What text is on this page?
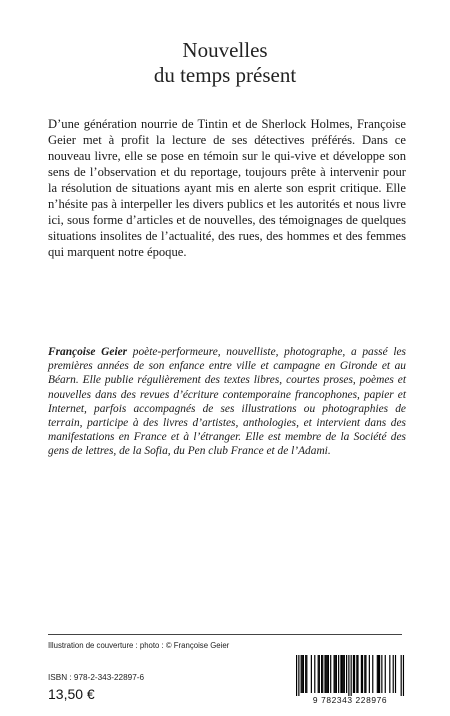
Nouvelles
du temps présent
D’une génération nourrie de Tintin et de Sherlock Holmes, Françoise Geier met à profit la lecture de ses détectives préférés. Dans ce nouveau livre, elle se pose en témoin sur le qui-vive et développe son sens de l’observation et du reportage, toujours prête à intervenir pour la résolution de situations ayant mis en alerte son esprit critique. Elle n’hésite pas à interpeller les divers publics et les autorités et nous livre ici, sous forme d’articles et de nouvelles, des témoignages de quelques situations insolites de l’actualité, des rues, des hommes et des femmes qui marquent notre époque.
Françoise Geier poète-performeure, nouvelliste, photographe, a passé les premières années de son enfance entre ville et campagne en Gironde et au Béarn. Elle publie régulièrement des textes libres, courtes proses, poèmes et nouvelles dans des revues d’écriture contemporaine francophones, papier et Internet, parfois accompagnés de ses illustrations ou photographies de terrain, participe à des livres d’artistes, anthologies, et intervient dans des manifestations en France et à l’étranger. Elle est membre de la Société des gens de lettres, de la Sofia, du Pen club France et de l’Adami.
Illustration de couverture : photo : © Françoise Geier
ISBN : 978-2-343-22897-6
13,50 €	9 782343 228976
